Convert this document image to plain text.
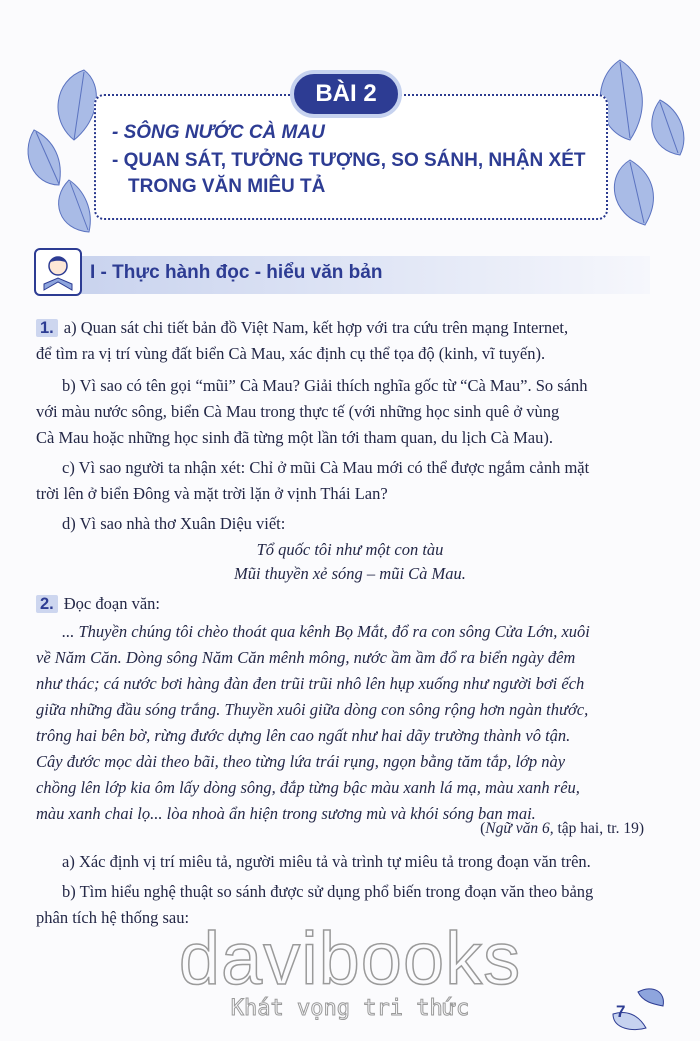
BÀI 2
- SÔNG NƯỚC CÀ MAU
- QUAN SÁT, TƯỞNG TƯỢNG, SO SÁNH, NHẬN XÉT
TRONG VĂN MIÊU TẢ
I - Thực hành đọc - hiểu văn bản
1. a) Quan sát chi tiết bản đồ Việt Nam, kết hợp với tra cứu trên mạng Internet,
để tìm ra vị trí vùng đất biển Cà Mau, xác định cụ thể tọa độ (kinh, vĩ tuyến).
b) Vì sao có tên gọi “mũi” Cà Mau? Giải thích nghĩa gốc từ “Cà Mau”. So sánh
với màu nước sông, biển Cà Mau trong thực tế (với những học sinh quê ở vùng
Cà Mau hoặc những học sinh đã từng một lần tới tham quan, du lịch Cà Mau).
c) Vì sao người ta nhận xét: Chỉ ở mũi Cà Mau mới có thể được ngắm cảnh mặt
trời lên ở biển Đông và mặt trời lặn ở vịnh Thái Lan?
d) Vì sao nhà thơ Xuân Diệu viết:
Tổ quốc tôi như một con tàu
Mũi thuyền xẻ sóng – mũi Cà Mau.
2. Đọc đoạn văn:
... Thuyền chúng tôi chèo thoát qua kênh Bọ Mắt, đổ ra con sông Cửa Lớn, xuôi
về Năm Căn. Dòng sông Năm Căn mênh mông, nước ầm ầm đổ ra biển ngày đêm
như thác; cá nước bơi hàng đàn đen trũi trũi nhô lên hụp xuống như người bơi ếch
giữa những đầu sóng trắng. Thuyền xuôi giữa dòng con sông rộng hơn ngàn thước,
trông hai bên bờ, rừng đước dựng lên cao ngất như hai dãy trường thành vô tận.
Cây đước mọc dài theo bãi, theo từng lứa trái rụng, ngọn bằng tăm tắp, lớp này
chồng lên lớp kia ôm lấy dòng sông, đắp từng bậc màu xanh lá mạ, màu xanh rêu,
màu xanh chai lọ... lòa nhoà ẩn hiện trong sương mù và khói sóng ban mai.
(Ngữ văn 6, tập hai, tr. 19)
a) Xác định vị trí miêu tả, người miêu tả và trình tự miêu tả trong đoạn văn trên.
b) Tìm hiểu nghệ thuật so sánh được sử dụng phổ biến trong đoạn văn theo bảng
phân tích hệ thống sau:
davibooks
Khát vọng tri thức	7
